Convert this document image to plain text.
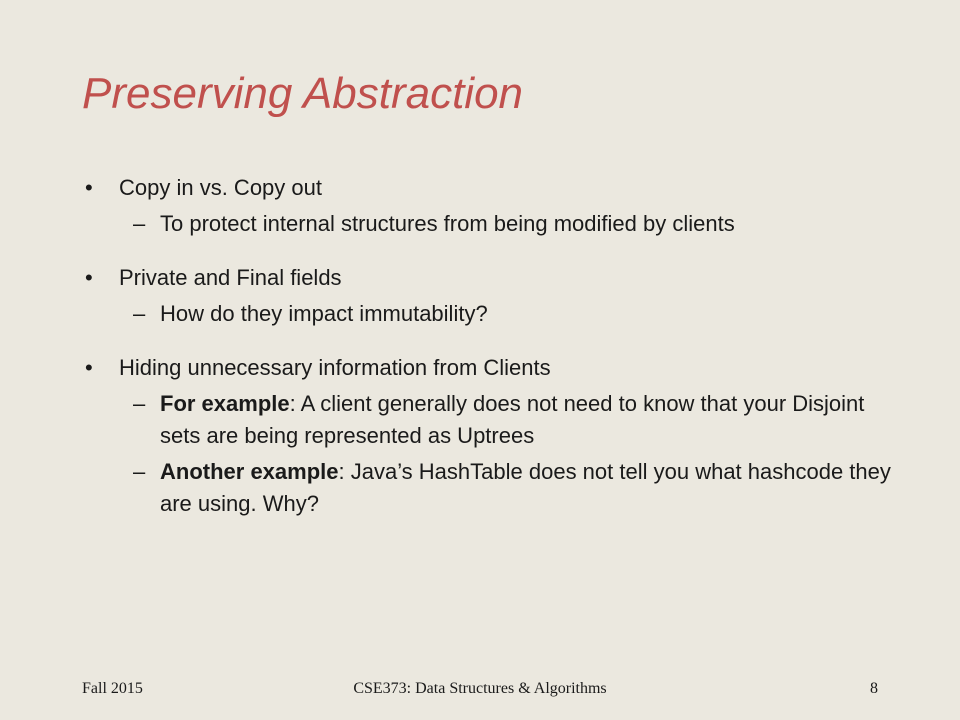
Preserving Abstraction
• Copy in vs. Copy out
– To protect internal structures from being modified by clients
• Private and Final fields
– How do they impact immutability?
• Hiding unnecessary information from Clients
– For example: A client generally does not need to know that your Disjoint sets are being represented as Uptrees
– Another example: Java’s HashTable does not tell you what hashcode they are using. Why?
Fall 2015	CSE373: Data Structures & Algorithms	8
